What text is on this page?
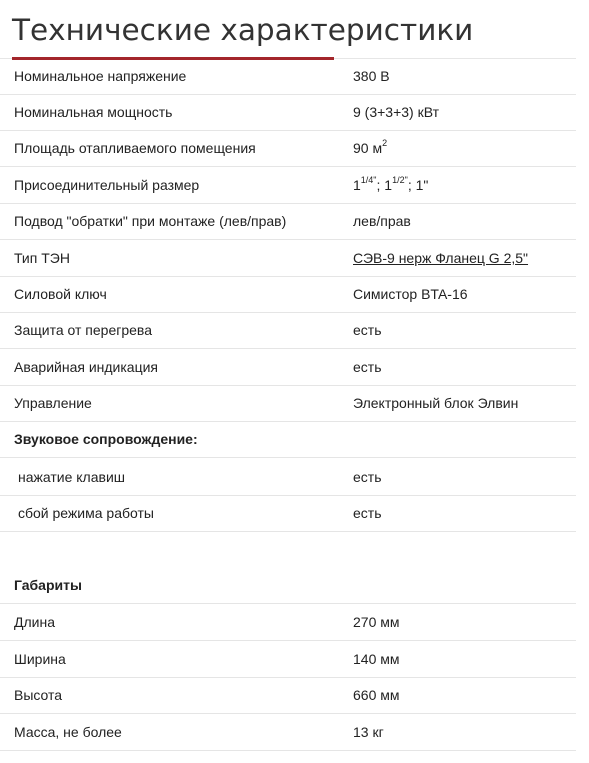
Технические характеристики
Номинальное напряжение	380 В
Номинальная мощность	9 (3+3+3) кВт
Площадь отапливаемого помещения	90 $м^2$
Присоединительный размер	$1^{1/4"}$; $1^{1/2"}$; 1"
Подвод "обратки" при монтаже (лев/прав)	лев/прав
Тип ТЭН	СЭВ-9 нерж Фланец G 2,5"
Силовой ключ	Симистор BTA-16
Защита от перегрева	есть
Аварийная индикация	есть
Управление	Электронный блок Элвин
Звуковое сопровождение:
нажатие клавиш	есть
сбой режима работы	есть
Габариты
Длина	270 мм
Ширина	140 мм
Высота	660 мм
Масса, не более	13 кг
